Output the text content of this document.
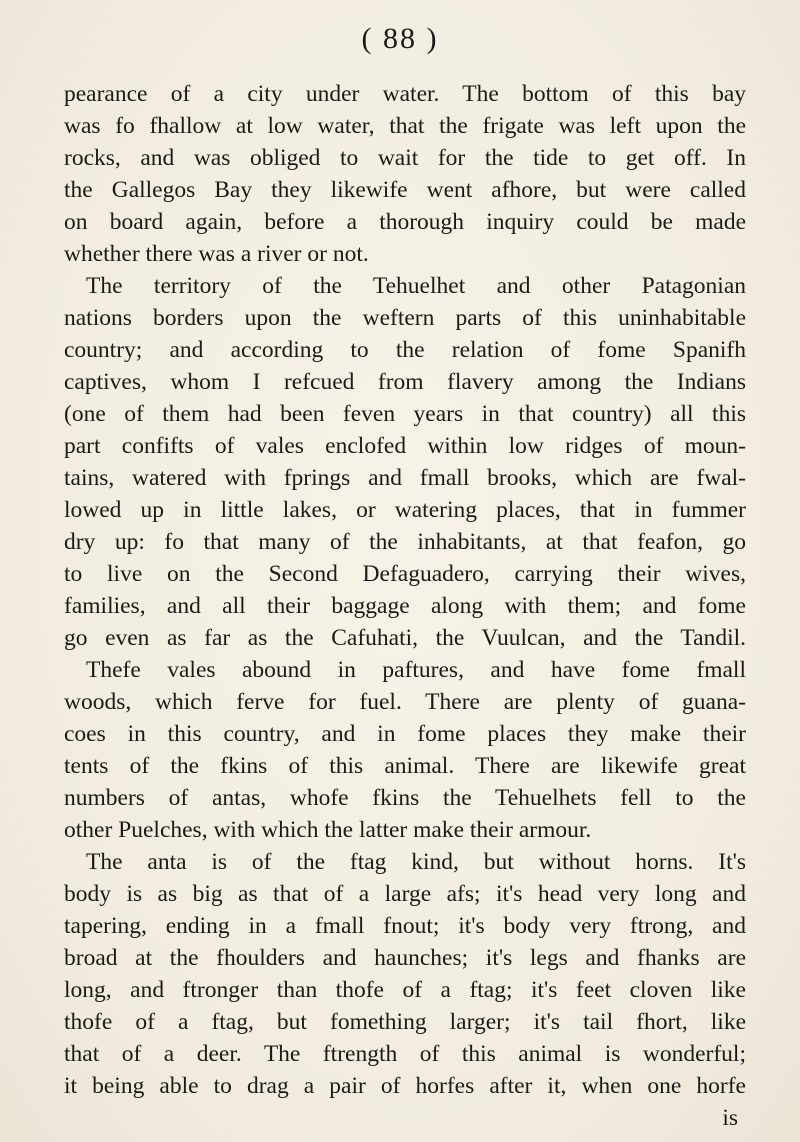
( 88 )
pearance of a city under water. The bottom of this bay
was fo fhallow at low water, that the frigate was left upon the
rocks, and was obliged to wait for the tide to get off. In
the Gallegos Bay they likewife went afhore, but were called
on board again, before a thorough inquiry could be made
whether there was a river or not.
The territory of the Tehuelhet and other Patagonian
nations borders upon the weftern parts of this uninhabitable
country; and according to the relation of fome Spanifh
captives, whom I refcued from flavery among the Indians
(one of them had been feven years in that country) all this
part confifts of vales enclofed within low ridges of moun-
tains, watered with fprings and fmall brooks, which are fwal-
lowed up in little lakes, or watering places, that in fummer
dry up: fo that many of the inhabitants, at that feafon, go
to live on the Second Defaguadero, carrying their wives,
families, and all their baggage along with them; and fome
go even as far as the Cafuhati, the Vuulcan, and the Tandil.
Thefe vales abound in paftures, and have fome fmall
woods, which ferve for fuel. There are plenty of guana-
coes in this country, and in fome places they make their
tents of the fkins of this animal. There are likewife great
numbers of antas, whofe fkins the Tehuelhets fell to the
other Puelches, with which the latter make their armour.
The anta is of the ftag kind, but without horns. It's
body is as big as that of a large afs; it's head very long and
tapering, ending in a fmall fnout; it's body very ftrong, and
broad at the fhoulders and haunches; it's legs and fhanks are
long, and ftronger than thofe of a ftag; it's feet cloven like
thofe of a ftag, but fomething larger; it's tail fhort, like
that of a deer. The ftrength of this animal is wonderful;
it being able to drag a pair of horfes after it, when one horfe
is
